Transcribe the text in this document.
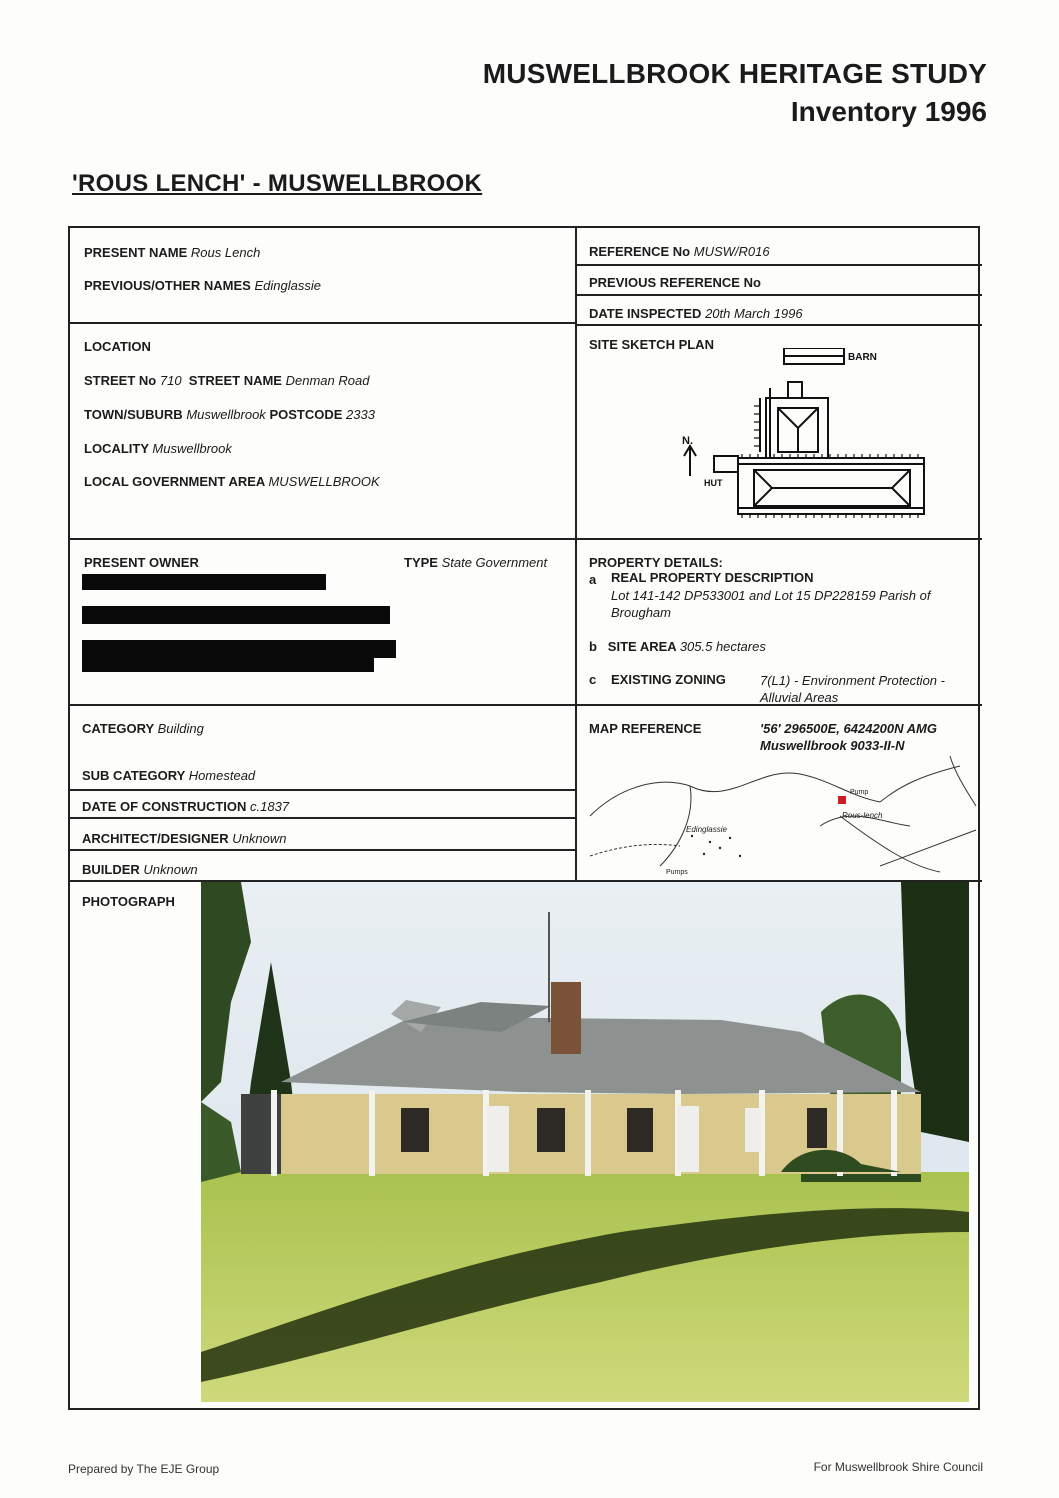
MUSWELLBROOK HERITAGE STUDY
Inventory 1996
'ROUS LENCH' - MUSWELLBROOK
PRESENT NAME Rous Lench
PREVIOUS/OTHER NAMES Edinglassie
REFERENCE No MUSW/R016
PREVIOUS REFERENCE No
DATE INSPECTED 20th March 1996
SITE SKETCH PLAN
BARN
N.
HUT
LOCATION
STREET No 710 STREET NAME Denman Road
TOWN/SUBURB Muswellbrook POSTCODE 2333
LOCALITY Muswellbrook
LOCAL GOVERNMENT AREA MUSWELLBROOK
PRESENT OWNER	TYPE State Government	PROPERTY DETAILS:
a REAL PROPERTY DESCRIPTION
Lot 141-142 DP533001 and Lot 15 DP228159 Parish of Brougham
b SITE AREA 305.5 hectares
c EXISTING ZONING	7(L1) - Environment Protection - Alluvial Areas
CATEGORY Building
SUB CATEGORY Homestead
DATE OF CONSTRUCTION c.1837
ARCHITECT/DESIGNER Unknown
BUILDER Unknown
MAP REFERENCE	'56' 296500E, 6424200N AMG
Muswellbrook 9033-II-N
Rous-lench
Edinglassie
Pumps
Pump
PHOTOGRAPH
Prepared by The EJE Group	For Muswellbrook Shire Council
